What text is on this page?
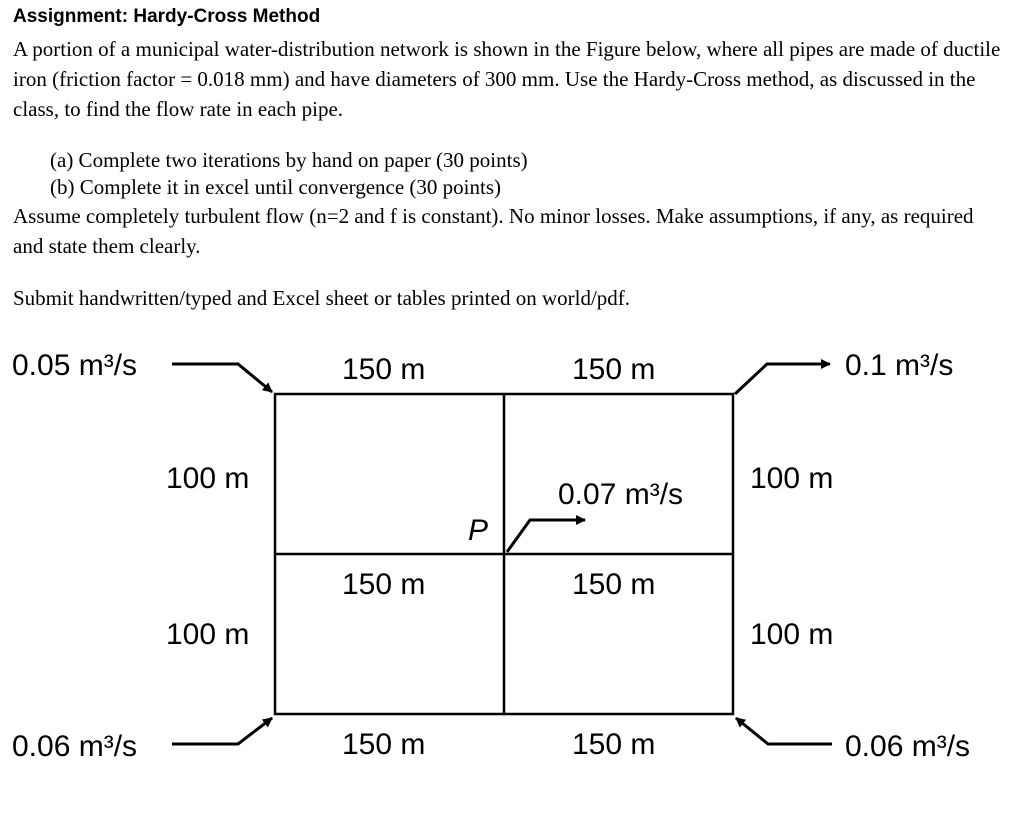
Assignment: Hardy-Cross Method
A portion of a municipal water-distribution network is shown in the Figure below, where all pipes are made of ductile iron (friction factor = 0.018 mm) and have diameters of 300 mm. Use the Hardy-Cross method, as discussed in the class, to find the flow rate in each pipe.
(a) Complete two iterations by hand on paper (30 points)
(b) Complete it in excel until convergence (30 points)
Assume completely turbulent flow (n=2 and f is constant). No minor losses. Make assumptions, if any, as required and state them clearly.
Submit handwritten/typed and Excel sheet or tables printed on world/pdf.
0.05 m³/s	0.1 m³/s
0.06 m³/s	0.06 m³/s
0.07 m³/s
P
150 m	150 m
150 m	150 m
150 m	150 m
100 m
100 m
100 m
100 m
